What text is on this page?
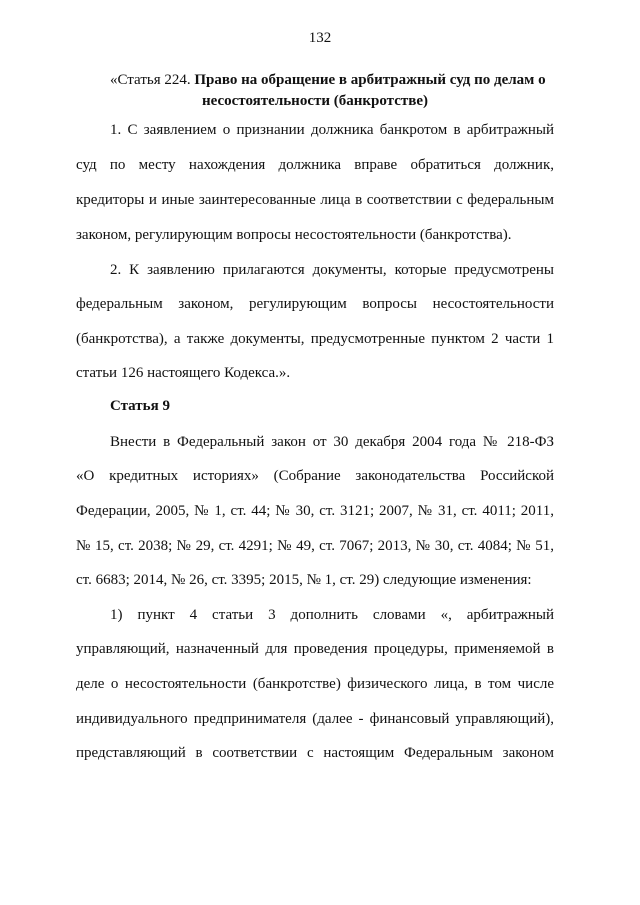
132
«Статья 224. Право на обращение в арбитражный суд по делам о
несостоятельности (банкротстве)
1. С заявлением о признании должника банкротом в арбитражный
суд по месту нахождения должника вправе обратиться должник,
кредиторы и иные заинтересованные лица в соответствии с федеральным
законом, регулирующим вопросы несостоятельности (банкротства).
2. К заявлению прилагаются документы, которые предусмотрены
федеральным законом, регулирующим вопросы несостоятельности
(банкротства), а также документы, предусмотренные пунктом 2 части 1
статьи 126 настоящего Кодекса.».
Статья 9
Внести в Федеральный закон от 30 декабря 2004 года № 218-ФЗ
«О кредитных историях» (Собрание законодательства Российской
Федерации, 2005, № 1, ст. 44; № 30, ст. 3121; 2007, № 31, ст. 4011; 2011,
№ 15, ст. 2038; № 29, ст. 4291; № 49, ст. 7067; 2013, № 30, ст. 4084; № 51,
ст. 6683; 2014, № 26, ст. 3395; 2015, № 1, ст. 29) следующие изменения:
1) пункт 4 статьи 3 дополнить словами «, арбитражный
управляющий, назначенный для проведения процедуры, применяемой в
деле о несостоятельности (банкротстве) физического лица, в том числе
индивидуального предпринимателя (далее - финансовый управляющий),
представляющий в соответствии с настоящим Федеральным законом
